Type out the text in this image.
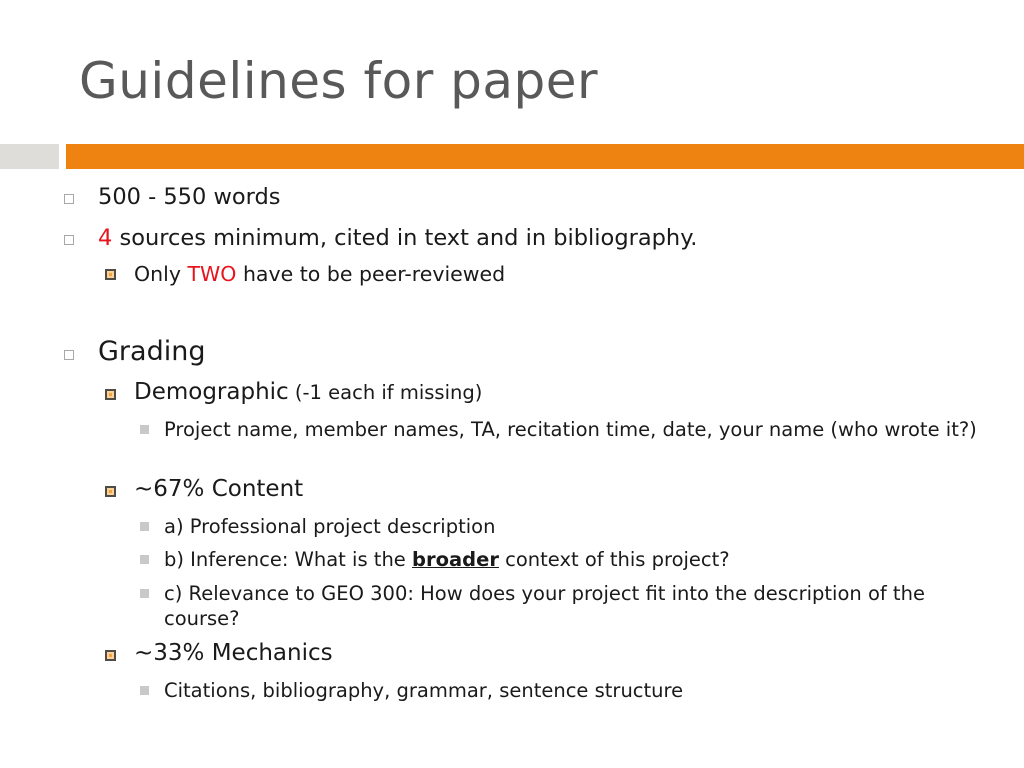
Guidelines for paper
500 - 550 words
4 sources minimum, cited in text and in bibliography.
Only TWO have to be peer-reviewed
Grading
Demographic (-1 each if missing)
Project name, member names, TA, recitation time, date, your name (who wrote it?)
~67% Content
a) Professional project description
b) Inference: What is the broader context of this project?
c) Relevance to GEO 300: How does your project fit into the description of the course?
~33% Mechanics
Citations, bibliography, grammar, sentence structure
